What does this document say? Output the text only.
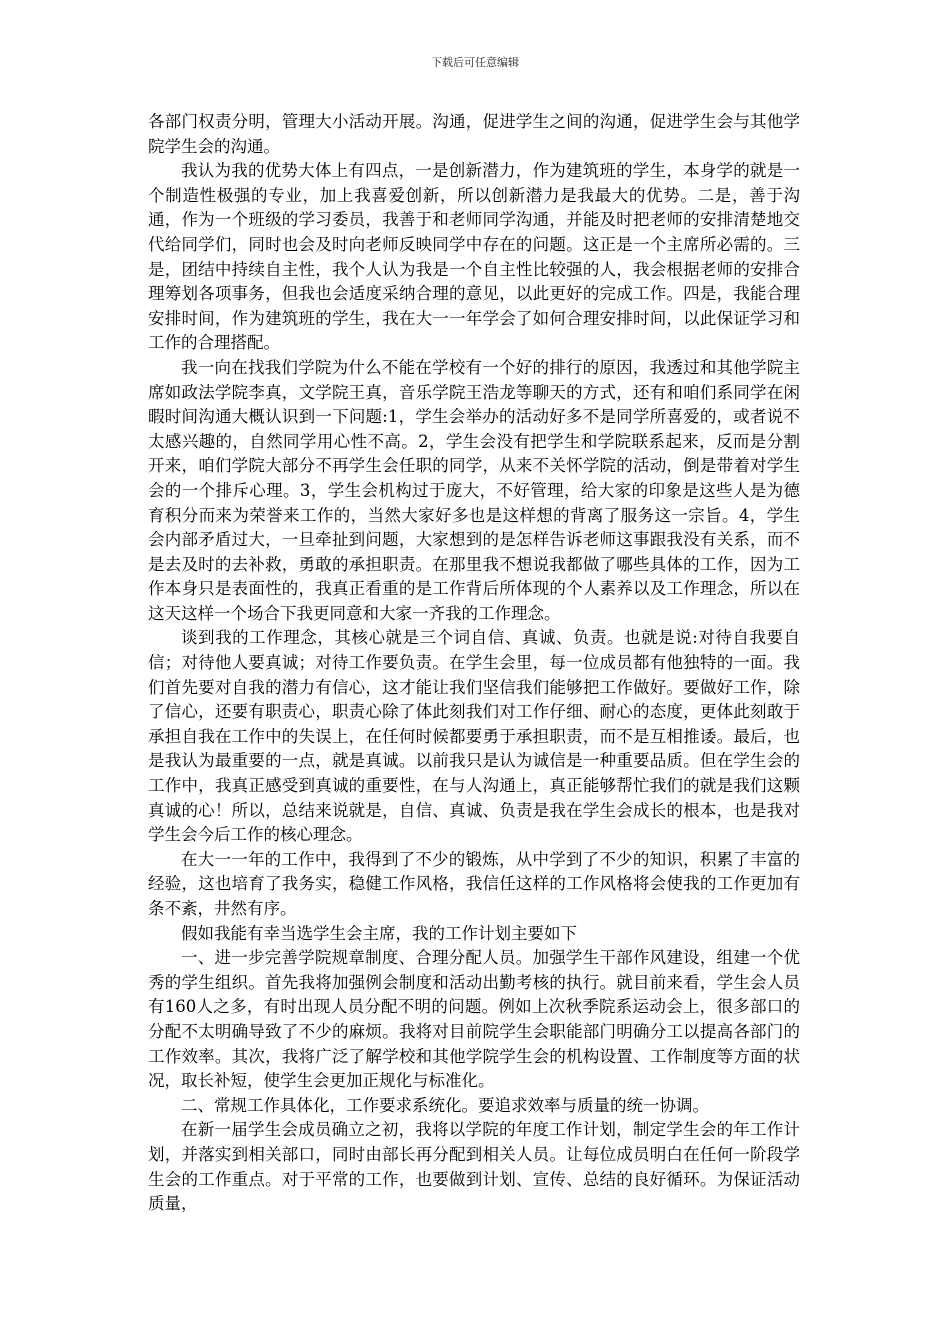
下载后可任意编辑

各部门权责分明，管理大小活动开展。沟通，促进学生之间的沟通，促进学生会与其他学院学生会的沟通。

我认为我的优势大体上有四点，一是创新潜力，作为建筑班的学生，本身学的就是一个制造性极强的专业，加上我喜爱创新，所以创新潜力是我最大的优势。二是，善于沟通，作为一个班级的学习委员，我善于和老师同学沟通，并能及时把老师的安排清楚地交代给同学们，同时也会及时向老师反映同学中存在的问题。这正是一个主席所必需的。三是，团结中持续自主性，我个人认为我是一个自主性比较强的人，我会根据老师的安排合理筹划各项事务，但我也会适度采纳合理的意见，以此更好的完成工作。四是，我能合理安排时间，作为建筑班的学生，我在大一一年学会了如何合理安排时间，以此保证学习和工作的合理搭配。

我一向在找我们学院为什么不能在学校有一个好的排行的原因，我透过和其他学院主席如政法学院李真，文学院王真，音乐学院王浩龙等聊天的方式，还有和咱们系同学在闲暇时间沟通大概认识到一下问题:1，学生会举办的活动好多不是同学所喜爱的，或者说不太感兴趣的，自然同学用心性不高。2，学生会没有把学生和学院联系起来，反而是分割开来，咱们学院大部分不再学生会任职的同学，从来不关怀学院的活动，倒是带着对学生会的一个排斥心理。3，学生会机构过于庞大，不好管理，给大家的印象是这些人是为德育积分而来为荣誉来工作的，当然大家好多也是这样想的背离了服务这一宗旨。4，学生会内部矛盾过大，一旦牵扯到问题，大家想到的是怎样告诉老师这事跟我没有关系，而不是去及时的去补救，勇敢的承担职责。在那里我不想说我都做了哪些具体的工作，因为工作本身只是表面性的，我真正看重的是工作背后所体现的个人素养以及工作理念，所以在这天这样一个场合下我更同意和大家一齐我的工作理念。

谈到我的工作理念，其核心就是三个词自信、真诚、负责。也就是说:对待自我要自信；对待他人要真诚；对待工作要负责。在学生会里，每一位成员都有他独特的一面。我们首先要对自我的潜力有信心，这才能让我们坚信我们能够把工作做好。要做好工作，除了信心，还要有职责心，职责心除了体此刻我们对工作仔细、耐心的态度，更体此刻敢于承担自我在工作中的失误上，在任何时候都要勇于承担职责，而不是互相推诿。最后，也是我认为最重要的一点，就是真诚。以前我只是认为诚信是一种重要品质。但在学生会的工作中，我真正感受到真诚的重要性，在与人沟通上，真正能够帮忙我们的就是我们这颗真诚的心！所以，总结来说就是，自信、真诚、负责是我在学生会成长的根本，也是我对学生会今后工作的核心理念。

在大一一年的工作中，我得到了不少的锻炼，从中学到了不少的知识，积累了丰富的经验，这也培育了我务实，稳健工作风格，我信任这样的工作风格将会使我的工作更加有条不紊，井然有序。

假如我能有幸当选学生会主席，我的工作计划主要如下

一、进一步完善学院规章制度、合理分配人员。加强学生干部作风建设，组建一个优秀的学生组织。首先我将加强例会制度和活动出勤考核的执行。就目前来看，学生会人员有160人之多，有时出现人员分配不明的问题。例如上次秋季院系运动会上，很多部口的分配不太明确导致了不少的麻烦。我将对目前院学生会职能部门明确分工以提高各部门的工作效率。其次，我将广泛了解学校和其他学院学生会的机构设置、工作制度等方面的状况，取长补短，使学生会更加正规化与标准化。

二、常规工作具体化，工作要求系统化。要追求效率与质量的统一协调。

在新一届学生会成员确立之初，我将以学院的年度工作计划，制定学生会的年工作计划，并落实到相关部口，同时由部长再分配到相关人员。让每位成员明白在任何一阶段学生会的工作重点。对于平常的工作，也要做到计划、宣传、总结的良好循环。为保证活动质量，
